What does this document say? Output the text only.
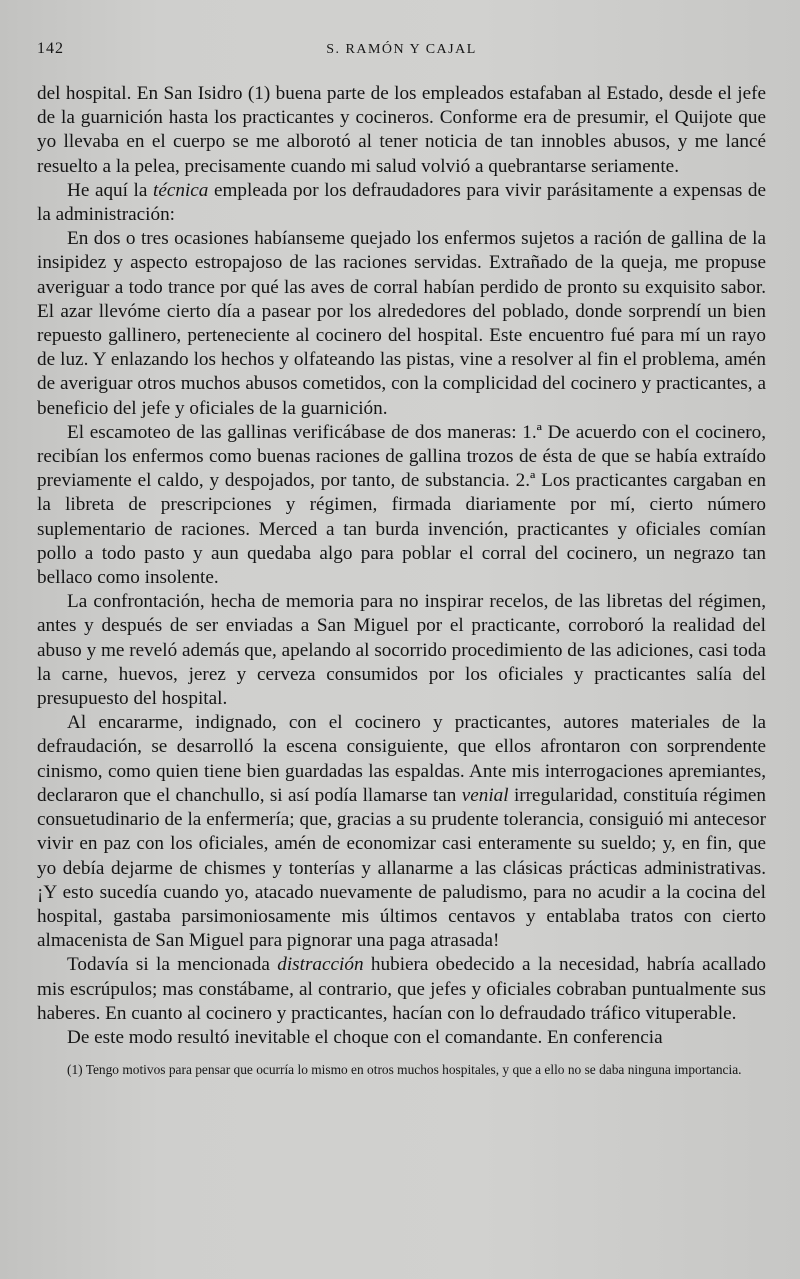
142	S. RAMÓN Y CAJAL

del hospital. En San Isidro (1) buena parte de los empleados estafaban al Estado, desde el jefe de la guarnición hasta los practicantes y cocineros. Conforme era de presumir, el Quijote que yo llevaba en el cuerpo se me alborotó al tener noticia de tan innobles abusos, y me lancé resuelto a la pelea, precisamente cuando mi salud volvió a quebrantarse seriamente.

He aquí la técnica empleada por los defraudadores para vivir parásitamente a expensas de la administración:

En dos o tres ocasiones habíanseme quejado los enfermos sujetos a ración de gallina de la insipidez y aspecto estropajoso de las raciones servidas. Extrañado de la queja, me propuse averiguar a todo trance por qué las aves de corral habían perdido de pronto su exquisito sabor. El azar llevóme cierto día a pasear por los alrededores del poblado, donde sorprendí un bien repuesto gallinero, perteneciente al cocinero del hospital. Este encuentro fué para mí un rayo de luz. Y enlazando los hechos y olfateando las pistas, vine a resolver al fin el problema, amén de averiguar otros muchos abusos cometidos, con la complicidad del cocinero y practicantes, a beneficio del jefe y oficiales de la guarnición.

El escamoteo de las gallinas verificábase de dos maneras: 1.ª De acuerdo con el cocinero, recibían los enfermos como buenas raciones de gallina trozos de ésta de que se había extraído previamente el caldo, y despojados, por tanto, de substancia. 2.ª Los practicantes cargaban en la libreta de prescripciones y régimen, firmada diariamente por mí, cierto número suplementario de raciones. Merced a tan burda invención, practicantes y oficiales comían pollo a todo pasto y aun quedaba algo para poblar el corral del cocinero, un negrazo tan bellaco como insolente.

La confrontación, hecha de memoria para no inspirar recelos, de las libretas del régimen, antes y después de ser enviadas a San Miguel por el practicante, corroboró la realidad del abuso y me reveló además que, apelando al socorrido procedimiento de las adiciones, casi toda la carne, huevos, jerez y cerveza consumidos por los oficiales y practicantes salía del presupuesto del hospital.

Al encararme, indignado, con el cocinero y practicantes, autores materiales de la defraudación, se desarrolló la escena consiguiente, que ellos afrontaron con sorprendente cinismo, como quien tiene bien guardadas las espaldas. Ante mis interrogaciones apremiantes, declararon que el chanchullo, si así podía llamarse tan venial irregularidad, constituía régimen consuetudinario de la enfermería; que, gracias a su prudente tolerancia, consiguió mi antecesor vivir en paz con los oficiales, amén de economizar casi enteramente su sueldo; y, en fin, que yo debía dejarme de chismes y tonterías y allanarme a las clásicas prácticas administrativas. ¡Y esto sucedía cuando yo, atacado nuevamente de paludismo, para no acudir a la cocina del hospital, gastaba parsimoniosamente mis últimos centavos y entablaba tratos con cierto almacenista de San Miguel para pignorar una paga atrasada!

Todavía si la mencionada distracción hubiera obedecido a la necesidad, habría acallado mis escrúpulos; mas constábame, al contrario, que jefes y oficiales cobraban puntualmente sus haberes. En cuanto al cocinero y practicantes, hacían con lo defraudado tráfico vituperable.

De este modo resultó inevitable el choque con el comandante. En conferencia

(1) Tengo motivos para pensar que ocurría lo mismo en otros muchos hospitales, y que a ello no se daba ninguna importancia.
